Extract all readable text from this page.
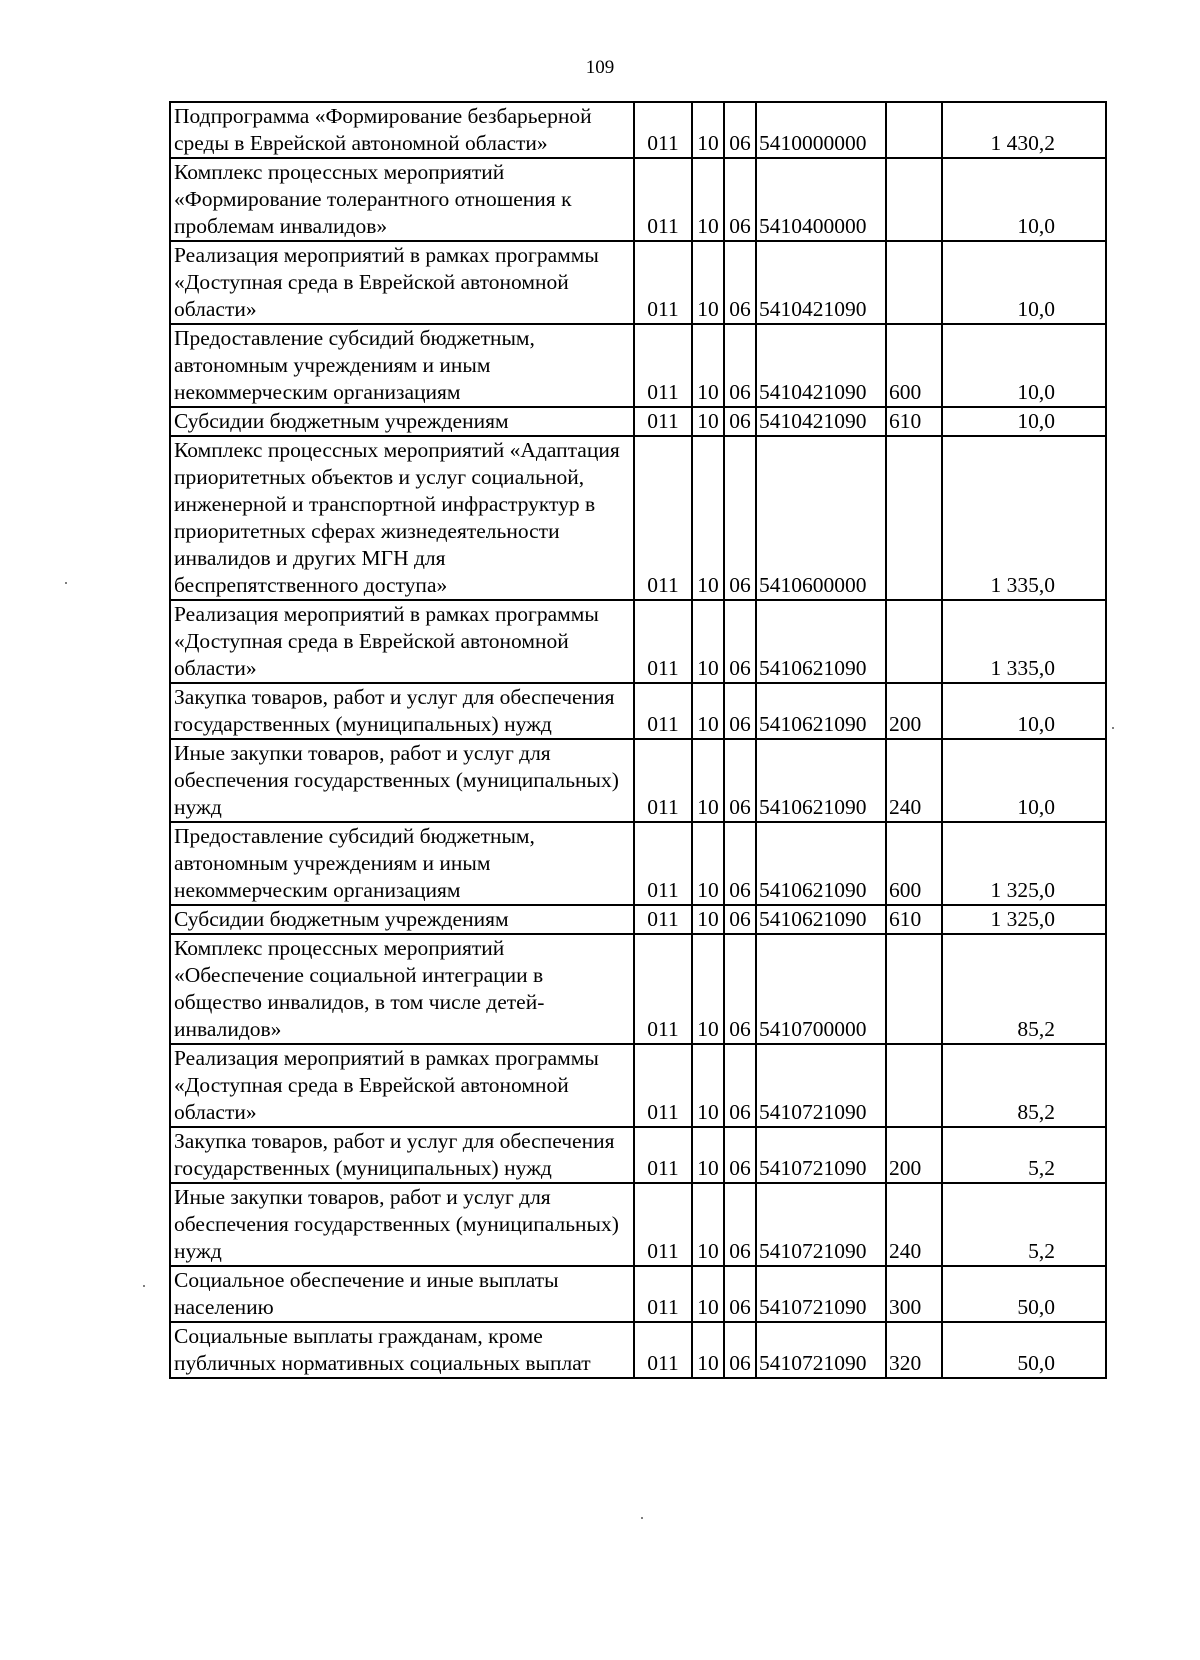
109
Подпрограмма «Формирование безбарьерной среды в Еврейской автономной области»	011	10	06	5410000000		1 430,2
Комплекс процессных мероприятий «Формирование толерантного отношения к проблемам инвалидов»	011	10	06	5410400000		10,0
Реализация мероприятий в рамках программы «Доступная среда в Еврейской автономной области»	011	10	06	5410421090		10,0
Предоставление субсидий бюджетным, автономным учреждениям и иным некоммерческим организациям	011	10	06	5410421090	600	10,0
Субсидии бюджетным учреждениям	011	10	06	5410421090	610	10,0
Комплекс процессных мероприятий «Адаптация приоритетных объектов и услуг социальной, инженерной и транспортной инфраструктур в приоритетных сферах жизнедеятельности инвалидов и других МГН для беспрепятственного доступа»	011	10	06	5410600000		1 335,0
Реализация мероприятий в рамках программы «Доступная среда в Еврейской автономной области»	011	10	06	5410621090		1 335,0
Закупка товаров, работ и услуг для обеспечения государственных (муниципальных) нужд	011	10	06	5410621090	200	10,0
Иные закупки товаров, работ и услуг для обеспечения государственных (муниципальных) нужд	011	10	06	5410621090	240	10,0
Предоставление субсидий бюджетным, автономным учреждениям и иным некоммерческим организациям	011	10	06	5410621090	600	1 325,0
Субсидии бюджетным учреждениям	011	10	06	5410621090	610	1 325,0
Комплекс процессных мероприятий «Обеспечение социальной интеграции в общество инвалидов, в том числе детей-инвалидов»	011	10	06	5410700000		85,2
Реализация мероприятий в рамках программы «Доступная среда в Еврейской автономной области»	011	10	06	5410721090		85,2
Закупка товаров, работ и услуг для обеспечения государственных (муниципальных) нужд	011	10	06	5410721090	200	5,2
Иные закупки товаров, работ и услуг для обеспечения государственных (муниципальных) нужд	011	10	06	5410721090	240	5,2
Социальное обеспечение и иные выплаты населению	011	10	06	5410721090	300	50,0
Социальные выплаты гражданам, кроме публичных нормативных социальных выплат	011	10	06	5410721090	320	50,0
